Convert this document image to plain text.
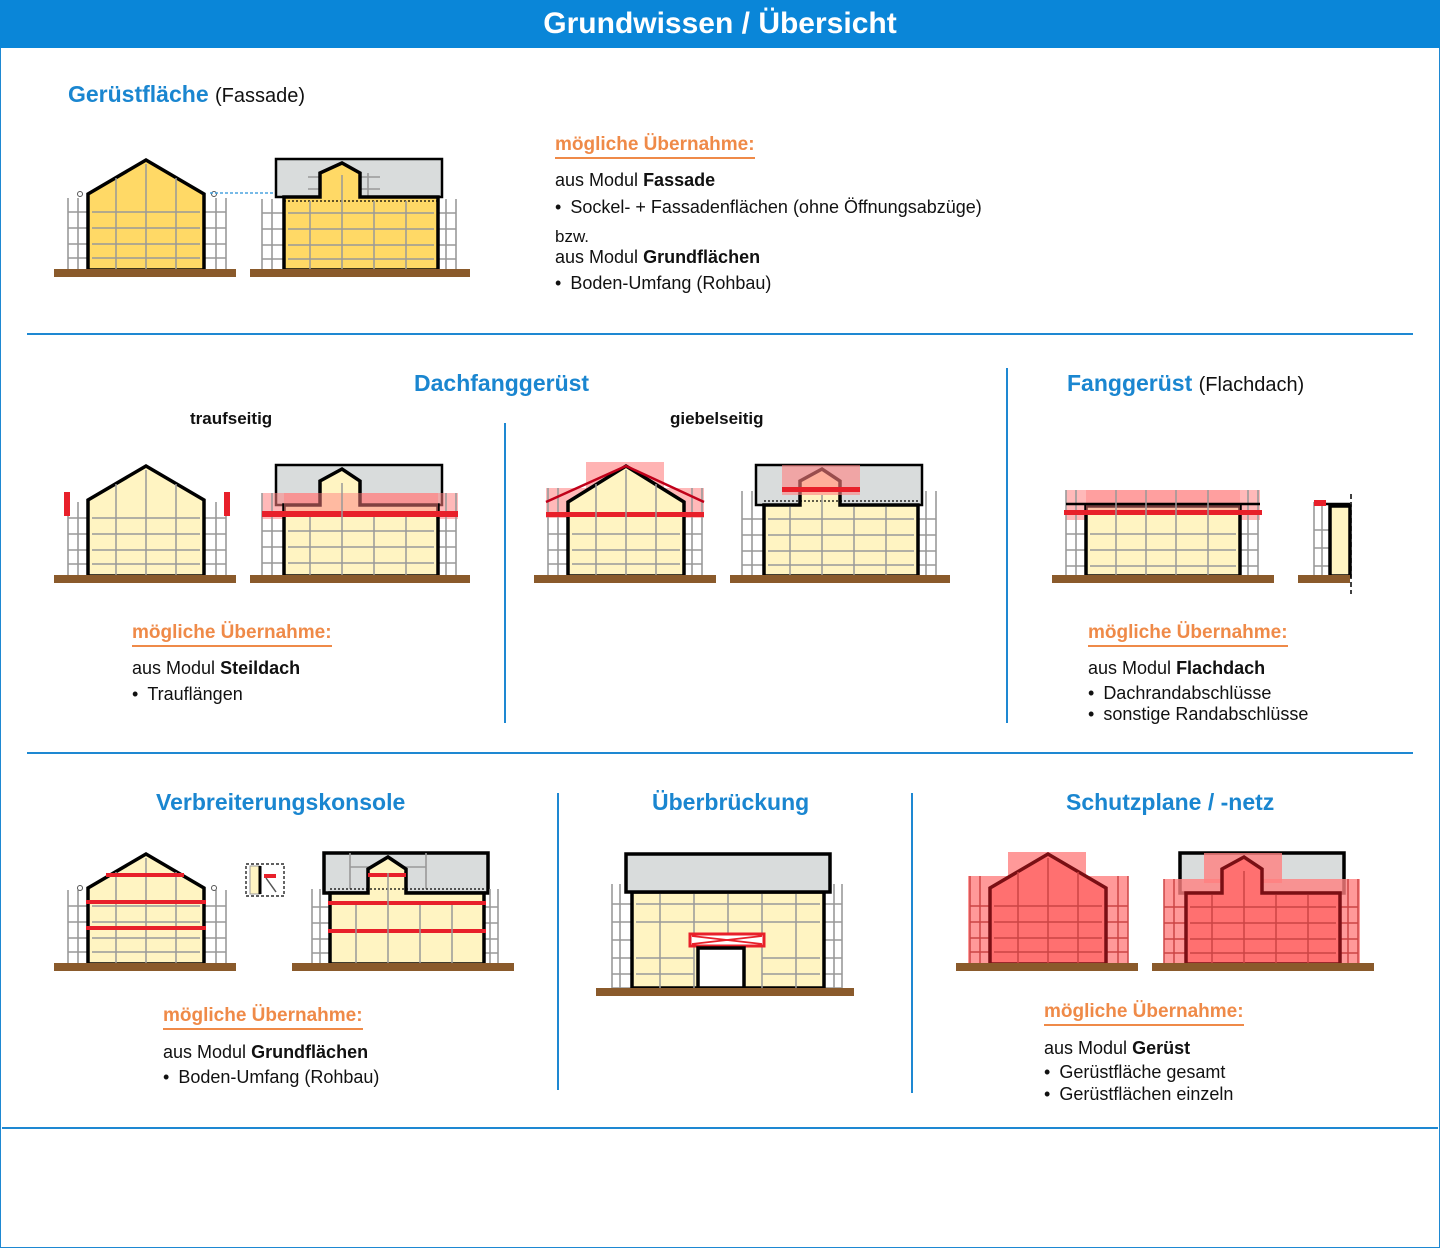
Grundwissen / Übersicht
Gerüstfläche (Fassade)
mögliche Übernahme:
aus Modul Fassade
• Sockel- + Fassadenflächen (ohne Öffnungsabzüge)
bzw.
aus Modul Grundflächen
• Boden-Umfang (Rohbau)
Dachfanggerüst
traufseitig	giebelseitig
mögliche Übernahme:
aus Modul Steildach
• Trauflängen
Fanggerüst (Flachdach)
mögliche Übernahme:
aus Modul Flachdach
• Dachrandabschlüsse
• sonstige Randabschlüsse
Verbreiterungskonsole
mögliche Übernahme:
aus Modul Grundflächen
• Boden-Umfang (Rohbau)
Überbrückung	Schutzplane / -netz
mögliche Übernahme:
aus Modul Gerüst
• Gerüstfläche gesamt
• Gerüstflächen einzeln
